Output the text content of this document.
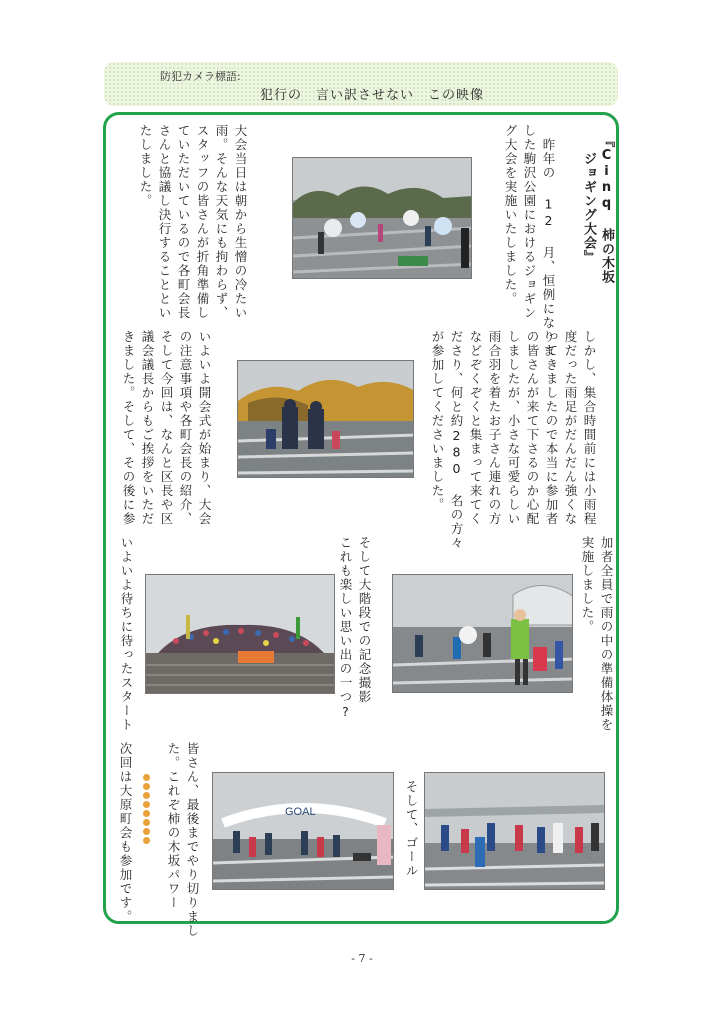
防犯カメラ標語:
犯行の　言い訳させない　この映像

『Cinq 柿の木坂

ジョギング大会』

　昨年の 12 月、恒例になりま
した駒沢公園におけるジョギン
グ大会を実施いたしました。

大会当日は朝から生憎の冷たい
雨。そんな天気にも拘わらず、
スタッフの皆さんが折角準備し
ていただいているので各町会長
さんと協議し決行することとい
たしました。

しかし、集合時間前には小雨程
度だった雨足がだんだん強くな
ってきましたので本当に参加者
の皆さんが来て下さるのか心配
しましたが、小さな可愛らしい
雨合羽を着たお子さん連れの方
などぞくぞくと集まって来てく
ださり、何と約280 名の方々
が参加してくださいました。

いよいよ開会式が始まり、大会
の注意事項や各町会長の紹介、
そして今回は、なんと区長や区
議会議長からもご挨拶をいただ
きました。そして、その後に参

加者全員で雨の中の準備体操を
実施しました。

そして大階段での記念撮影
これも楽しい思い出の一つ?

いよいよ待ちに待ったスタート

そして、ゴール

GOAL

皆さん、最後までやり切りまし
た。これぞ柿の木坂パワー

次回は大原町会も参加です。

- 7 -
